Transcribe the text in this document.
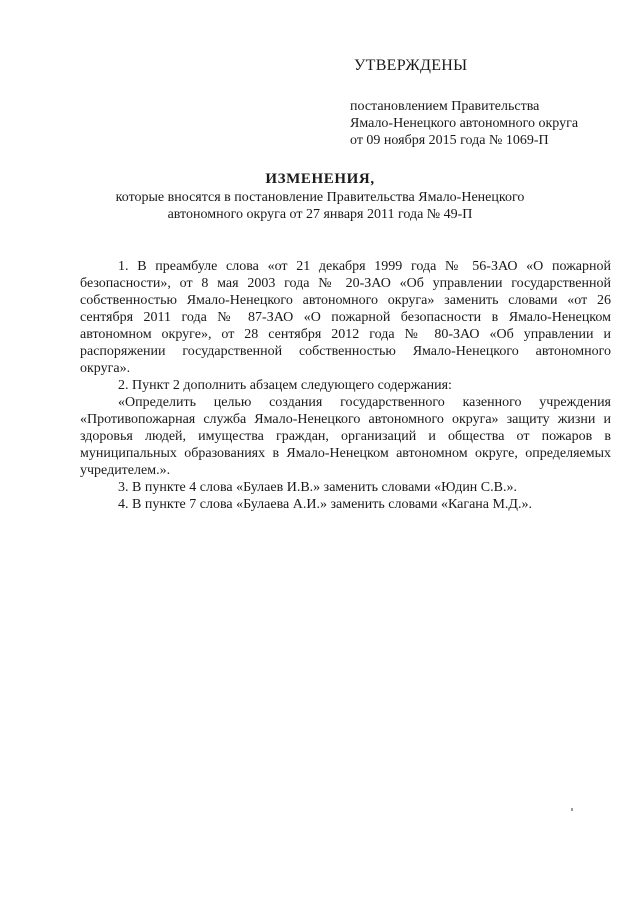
УТВЕРЖДЕНЫ
постановлением Правительства
Ямало-Ненецкого автономного округа
от 09 ноября 2015 года № 1069-П
ИЗМЕНЕНИЯ,
которые вносятся в постановление Правительства Ямало-Ненецкого
автономного округа от 27 января 2011 года № 49-П

1. В преамбуле слова «от 21 декабря 1999 года № 56-ЗАО «О пожарной безопасности», от 8 мая 2003 года № 20-ЗАО «Об управлении государственной собственностью Ямало-Ненецкого автономного округа» заменить словами «от 26 сентября 2011 года № 87-ЗАО «О пожарной безопасности в Ямало-Ненецком автономном округе», от 28 сентября 2012 года № 80-ЗАО «Об управлении и распоряжении государственной собственностью Ямало-Ненецкого автономного округа».

2. Пункт 2 дополнить абзацем следующего содержания:

«Определить целью создания государственного казенного учреждения «Противопожарная служба Ямало-Ненецкого автономного округа» защиту жизни и здоровья людей, имущества граждан, организаций и общества от пожаров в муниципальных образованиях в Ямало-Ненецком автономном округе, определяемых учредителем.».

3. В пункте 4 слова «Булаев И.В.» заменить словами «Юдин С.В.».

4. В пункте 7 слова «Булаева А.И.» заменить словами «Кагана М.Д.».
